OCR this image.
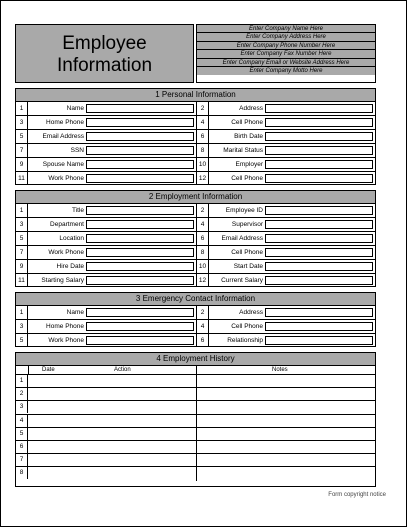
Employee
Information
Enter Company Name Here
Enter Company Address Here
Enter Company Phone Number Here
Enter Company Fax Number Here
Enter Company Email or Website Address Here
Enter Company Motto Here
1 Personal Information
1	Name	2	Address
3	Home Phone	4	Cell Phone
5	Email Address	6	Birth Date
7	SSN	8	Marital Status
9	Spouse Name	10	Employer
11	Work Phone	12	Cell Phone
2 Employment Information
1	Title	2	Employee ID
3	Department	4	Supervisor
5	Location	6	Email Address
7	Work Phone	8	Cell Phone
9	Hire Date	10	Start Date
11	Starting Salary	12	Current Salary
3 Emergency Contact Information
1	Name	2	Address
3	Home Phone	4	Cell Phone
5	Work Phone	6	Relationship
4 Employment History
Date	Action	Notes
1
2
3
4
5
6
7
8
Form copyright notice
